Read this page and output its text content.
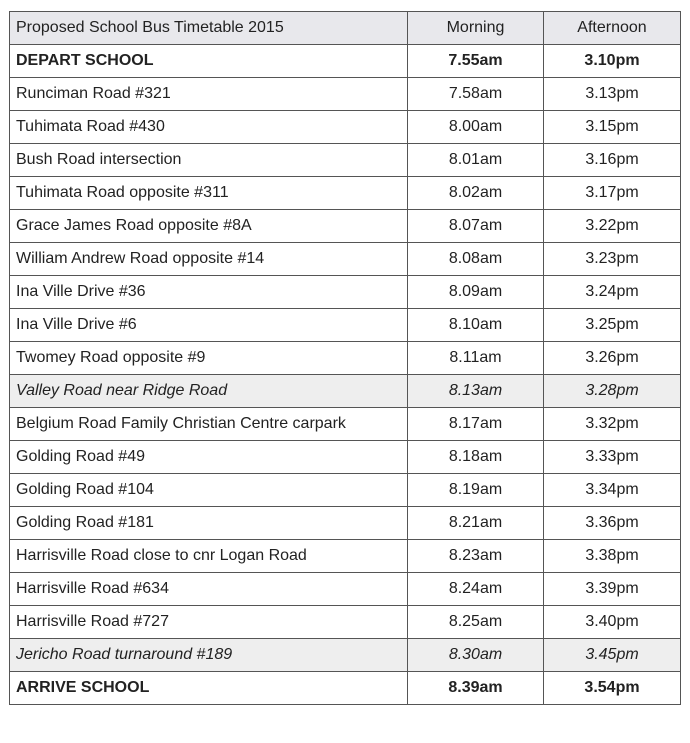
Proposed School Bus Timetable 2015	Morning	Afternoon
DEPART SCHOOL	7.55am	3.10pm
Runciman Road #321	7.58am	3.13pm
Tuhimata Road #430	8.00am	3.15pm
Bush Road intersection	8.01am	3.16pm
Tuhimata Road opposite #311	8.02am	3.17pm
Grace James Road opposite #8A	8.07am	3.22pm
William Andrew Road opposite #14	8.08am	3.23pm
Ina Ville Drive #36	8.09am	3.24pm
Ina Ville Drive #6	8.10am	3.25pm
Twomey Road opposite #9	8.11am	3.26pm
Valley Road near Ridge Road	8.13am	3.28pm
Belgium Road Family Christian Centre carpark	8.17am	3.32pm
Golding Road #49	8.18am	3.33pm
Golding Road #104	8.19am	3.34pm
Golding Road #181	8.21am	3.36pm
Harrisville Road close to cnr Logan Road	8.23am	3.38pm
Harrisville Road #634	8.24am	3.39pm
Harrisville Road #727	8.25am	3.40pm
Jericho Road turnaround #189	8.30am	3.45pm
ARRIVE SCHOOL	8.39am	3.54pm
